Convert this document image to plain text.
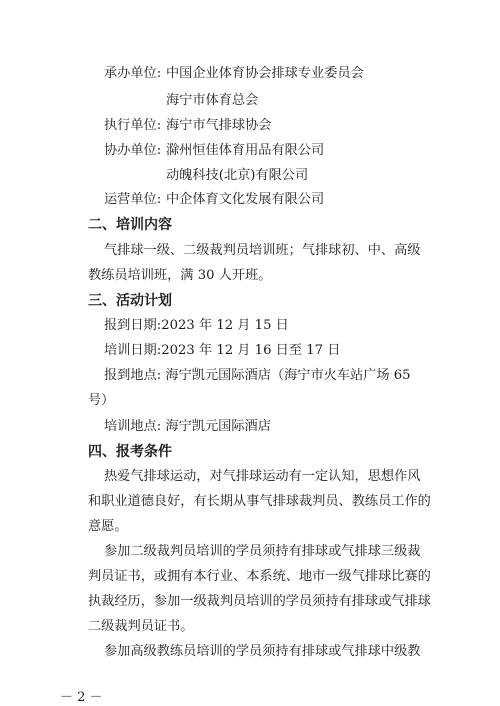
承办单位: 中国企业体育协会排球专业委员会
海宁市体育总会
执行单位: 海宁市气排球协会
协办单位: 滁州恒佳体育用品有限公司
动魄科技(北京)有限公司
运营单位: 中企体育文化发展有限公司
二、培训内容
气排球一级、二级裁判员培训班；气排球初、中、高级
教练员培训班，满 30 人开班。
三、活动计划
报到日期:2023 年 12 月 15 日
培训日期:2023 年 12 月 16 日至 17 日
报到地点: 海宁凯元国际酒店（海宁市火车站广场 65
号）
培训地点: 海宁凯元国际酒店
四、报考条件
热爱气排球运动，对气排球运动有一定认知，思想作风
和职业道德良好，有长期从事气排球裁判员、教练员工作的
意愿。
参加二级裁判员培训的学员须持有排球或气排球三级裁
判员证书，或拥有本行业、本系统、地市一级气排球比赛的
执裁经历，参加一级裁判员培训的学员须持有排球或气排球
二级裁判员证书。
参加高级教练员培训的学员须持有排球或气排球中级教
－ 2 －
